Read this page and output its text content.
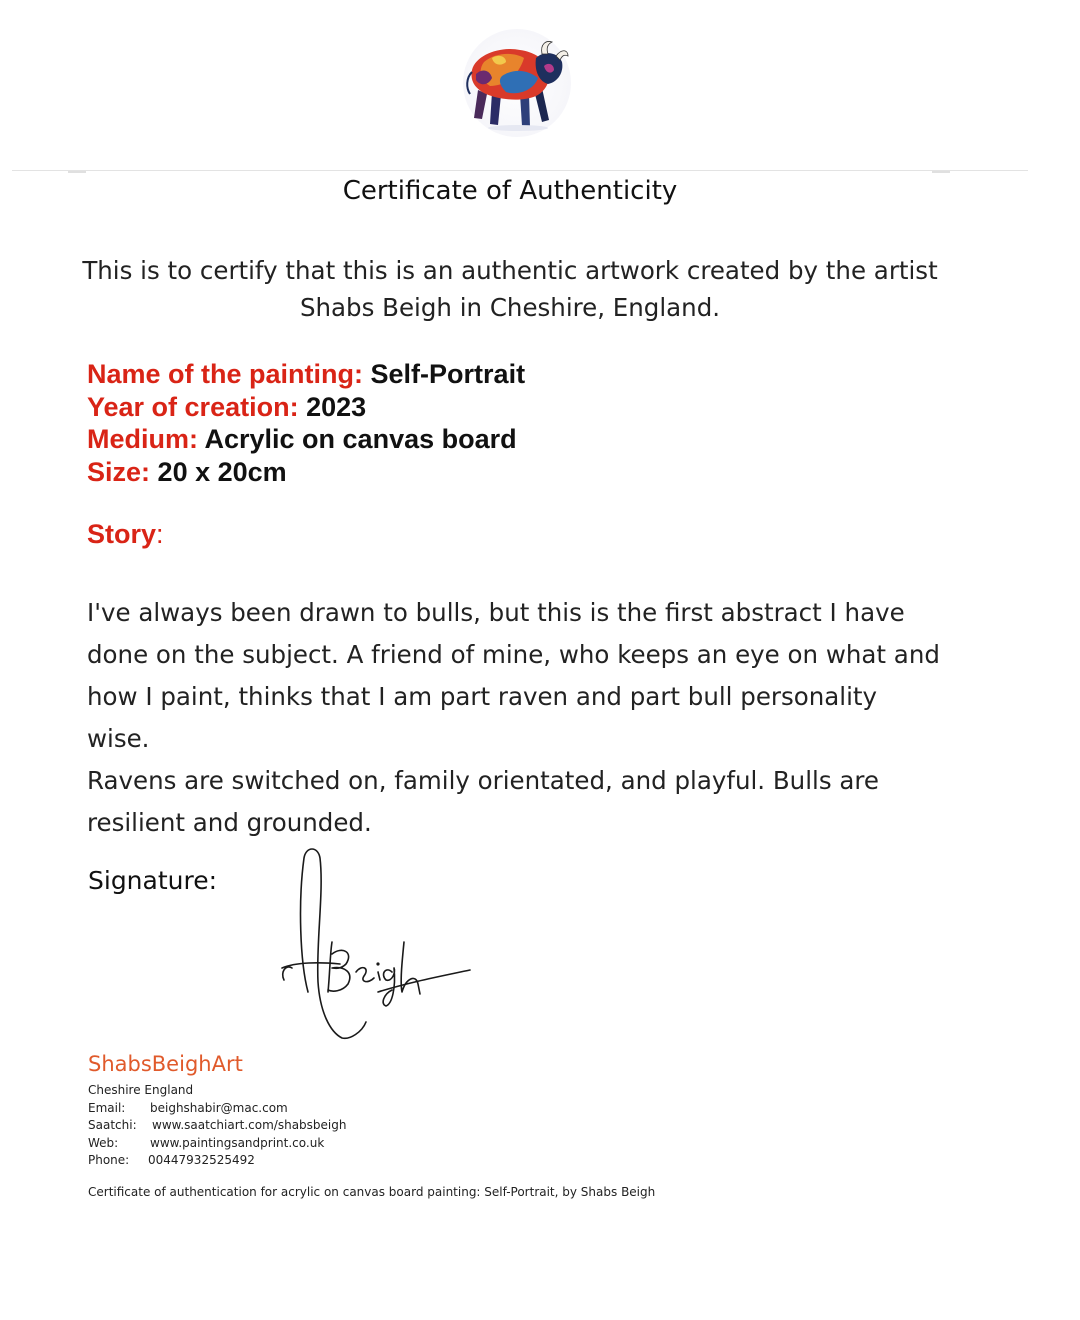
Certificate of Authenticity
This is to certify that this is an authentic artwork created by the artist
Shabs Beigh in Cheshire, England.
Name of the painting: Self-Portrait
Year of creation: 2023
Medium: Acrylic on canvas board
Size: 20 x 20cm
Story:
I've always been drawn to bulls, but this is the first abstract I have
done on the subject. A friend of mine, who keeps an eye on what and
how I paint, thinks that I am part raven and part bull personality wise.
Ravens are switched on, family orientated, and playful. Bulls are
resilient and grounded.
Signature:
ShabsBeighArt
Cheshire England
Email:	beighshabir@mac.com
Saatchi:	www.saatchiart.com/shabsbeigh
Web:	www.paintingsandprint.co.uk
Phone:	00447932525492
Certificate of authentication for acrylic on canvas board painting: Self-Portrait, by Shabs Beigh
